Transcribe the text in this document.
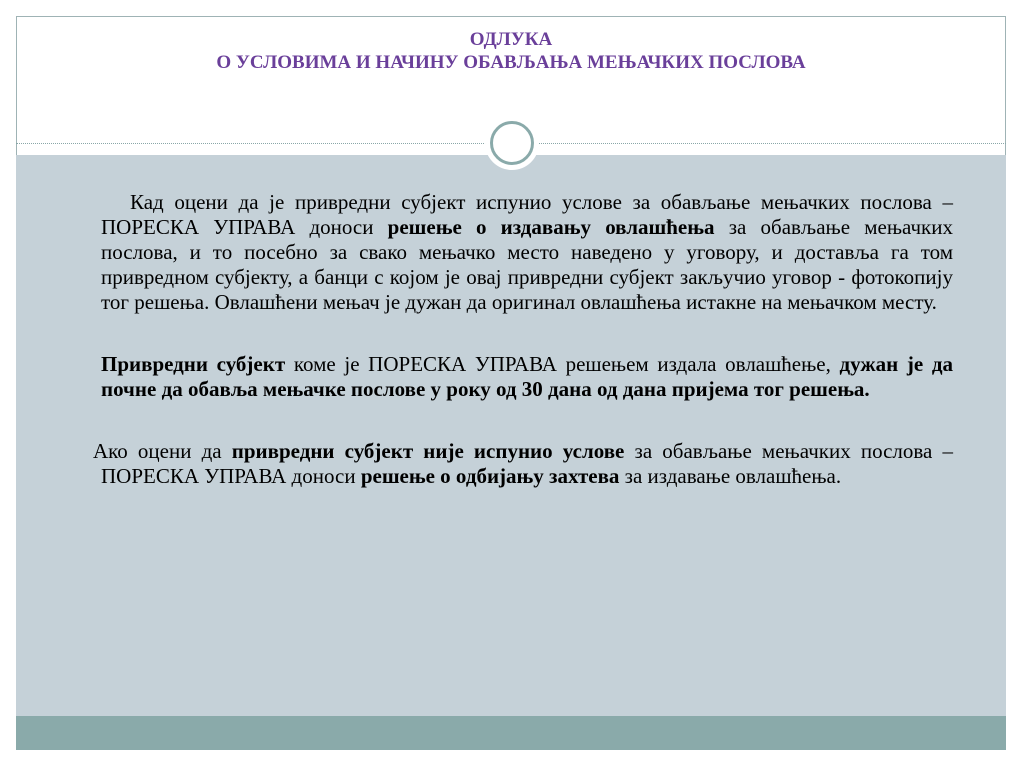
ОДЛУКА

О УСЛОВИМА И НАЧИНУ ОБАВЉАЊА МЕЊАЧКИХ ПОСЛОВА

Кад оцени да је привредни субјект испунио услове за обављање мењачких послова – ПОРЕСКА УПРАВА доноси решење о издавању овлашћења за обављање мењачких послова, и то посебно за свако мењачко место наведено у уговору, и доставља га том привредном субјекту, а банци с којом је овај привредни субјект закључио уговор - фотокопију тог решења. Овлашћени мењач је дужан да оригинал овлашћења истакне на мењачком месту.

Привредни субјект коме је ПОРЕСКА УПРАВА решењем издала овлашћење, дужан је да почне да обавља мењачке послове у року од 30 дана од дана пријема тог решења.

Ако оцени да привредни субјект није испунио услове за обављање мењачких послова – ПОРЕСКА УПРАВА доноси решење о одбијању захтева за издавање овлашћења.
